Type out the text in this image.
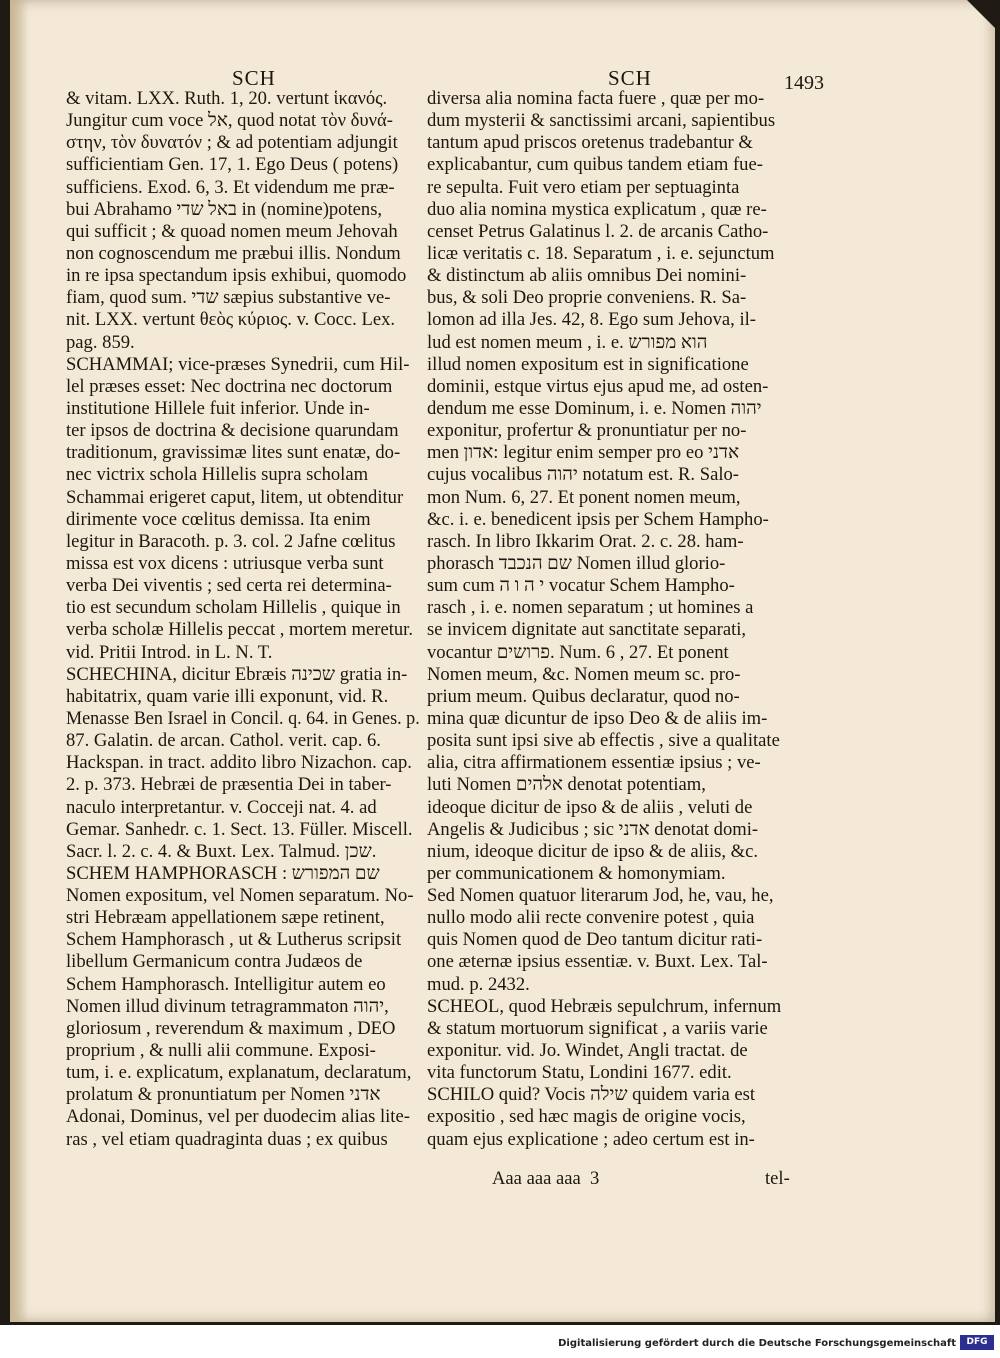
SCH	SCH	1493
& vitam. LXX. Ruth. 1, 20. vertunt ἱκανός.
Jungitur cum voce אל, quod notat τὸν δυνά-
στην, τὸν δυνατόν ; & ad potentiam adjungit
sufficientiam Gen. 17, 1. Ego Deus ( potens)
sufficiens. Exod. 6, 3. Et videndum me præ-
bui Abrahamo באל שדי in (nomine)potens,
qui sufficit ; & quoad nomen meum Jehovah
non cognoscendum me præbui illis. Nondum
in re ipsa spectandum ipsis exhibui, quomodo
fiam, quod sum. שדי sæpius substantive ve-
nit. LXX. vertunt θεὸς κύριος. v. Cocc. Lex.
pag. 859.
SCHAMMAI; vice-præses Synedrii, cum Hil-
lel præses esset: Nec doctrina nec doctorum
institutione Hillele fuit inferior. Unde in-
ter ipsos de doctrina & decisione quarundam
traditionum, gravissimæ lites sunt enatæ, do-
nec victrix schola Hillelis supra scholam
Schammai erigeret caput, litem, ut obtenditur
dirimente voce cœlitus demissa. Ita enim
legitur in Baracoth. p. 3. col. 2 Jafne cœlitus
missa est vox dicens : utriusque verba sunt
verba Dei viventis ; sed certa rei determina-
tio est secundum scholam Hillelis , quique in
verba scholæ Hillelis peccat , mortem meretur.
vid. Pritii Introd. in L. N. T.
SCHECHINA, dicitur Ebræis שכינה gratia in-
habitatrix, quam varie illi exponunt, vid. R.
Menasse Ben Israel in Concil. q. 64. in Genes. p.
87. Galatin. de arcan. Cathol. verit. cap. 6.
Hackspan. in tract. addito libro Nizachon. cap.
2. p. 373. Hebræi de præsentia Dei in taber-
naculo interpretantur. v. Cocceji nat. 4. ad
Gemar. Sanhedr. c. 1. Sect. 13. Füller. Miscell.
Sacr. l. 2. c. 4. & Buxt. Lex. Talmud. שכן.
SCHEM HAMPHORASCH : שם המפורש
Nomen expositum, vel Nomen separatum. No-
stri Hebræam appellationem sæpe retinent,
Schem Hamphorasch , ut & Lutherus scripsit
libellum Germanicum contra Judæos de
Schem Hamphorasch. Intelligitur autem eo
Nomen illud divinum tetragrammaton יהוה,
gloriosum , reverendum & maximum , DEO
proprium , & nulli alii commune. Exposi-
tum, i. e. explicatum, explanatum, declaratum,
prolatum & pronuntiatum per Nomen אדני
Adonai, Dominus, vel per duodecim alias litе-
ras , vel etiam quadraginta duas ; ex quibus
diversa alia nomina facta fuere , quæ per mo-
dum mysterii & sanctissimi arcani, sapientibus
tantum apud priscos oretenus tradebantur &
explicabantur, cum quibus tandem etiam fue-
re sepulta. Fuit vero etiam per septuaginta
duo alia nomina mystica explicatum , quæ re-
censet Petrus Galatinus l. 2. de arcanis Catho-
licæ veritatis c. 18. Separatum , i. e. sejunctum
& distinctum ab aliis omnibus Dei nomini-
bus, & soli Deo proprie conveniens. R. Sa-
lomon ad illa Jes. 42, 8. Ego sum Jehova, il-
lud est nomen meum , i. e. הוא מפורש
illud nomen expositum est in significatione
dominii, estque virtus ejus apud me, ad osten-
dendum me esse Dominum, i. e. Nomen יהוה
exponitur, profertur & pronuntiatur per no-
men אדון: legitur enim semper pro eo אדני
cujus vocalibus יהוה notatum est. R. Salo-
mon Num. 6, 27. Et ponent nomen meum,
&c. i. e. benedicent ipsis per Schem Hampho-
rasch. In libro Ikkarim Orat. 2. c. 28. ham-
phorasch שם הנכבד Nomen illud glorio-
sum cum י ה ו ה vocatur Schem Hampho-
rasch , i. e. nomen separatum ; ut homines a
se invicem dignitate aut sanctitate separati,
vocantur פרושים. Num. 6 , 27. Et ponent
Nomen meum, &c. Nomen meum sc. pro-
prium meum. Quibus declaratur, quod no-
mina quæ dicuntur de ipso Deo & de aliis im-
posita sunt ipsi sive ab effectis , sive a qualitate
alia, citra affirmationem essentiæ ipsius ; ve-
luti Nomen אלהים denotat potentiam,
ideoque dicitur de ipso & de aliis , veluti de
Angelis & Judicibus ; sic אדני denotat domi-
nium, ideoque dicitur de ipso & de aliis, &c.
per communicationem & homonymiam.
Sed Nomen quatuor literarum Jod, he, vau, he,
nullo modo alii recte convenire potest , quia
quis Nomen quod de Deo tantum dicitur rati-
one æternæ ipsius essentiæ. v. Buxt. Lex. Tal-
mud. p. 2432.
SCHEOL, quod Hebræis sepulchrum, infernum
& statum mortuorum significat , a variis varie
exponitur. vid. Jo. Windet, Angli tractat. de
vita functorum Statu, Londini 1677. edit.
SCHILO quid? Vocis שילה quidem varia est
expositio , sed hæc magis de origine vocis,
quam ejus explicatione ; adeo certum est in-
Aaa aaa aaa  3	tel-
Digitalisierung gefördert durch die Deutsche Forschungsgemeinschaft	DFG
